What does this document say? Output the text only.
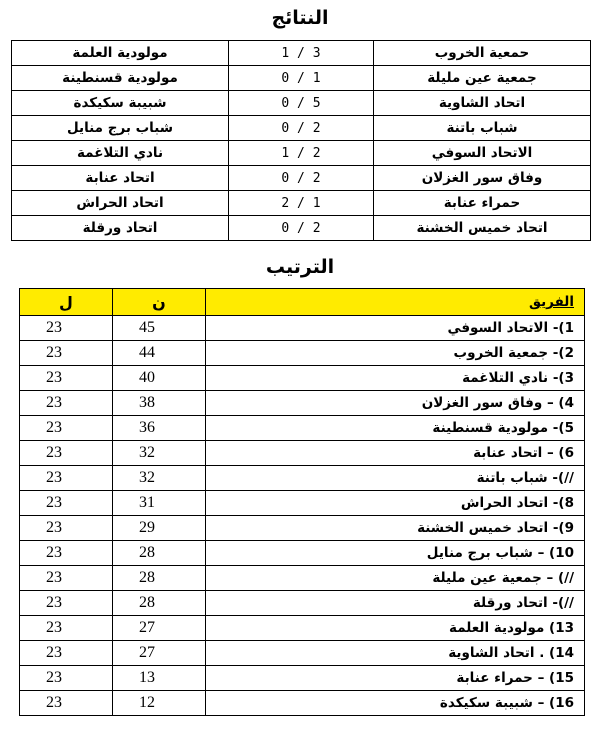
النتائج
مولودية العلمة	1 / 3	حمعية الخروب
مولودية قسنطينة	0 / 1	جمعية عين مليلة
شبيبة سكيكدة	0 / 5	اتحاد الشاوية
شباب برج منايل	0 / 2	شباب باتنة
نادي التلاغمة	1 / 2	الاتحاد السوفي
اتحاد عنابة	0 / 2	وفاق سور الغزلان
اتحاد الحراش	2 / 1	حمراء عنابة
اتحاد ورقلة	0 / 2	اتحاد خميس الخشنة
الترتيب
ل	ن	الفريق
23	45	1)- الاتحاد السوفي
23	44	2)- جمعية الخروب
23	40	3)- نادي التلاغمة
23	38	4) – وفاق سور الغزلان
23	36	5)- مولودية قسنطينة
23	32	6) – اتحاد عنابة
23	32	//)- شباب باتنة
23	31	8)- اتحاد الحراش
23	29	9)- اتحاد خميس الخشنة
23	28	10) – شباب برج منايل
23	28	//) – جمعية عين مليلة
23	28	//)- اتحاد ورقلة
23	27	13) مولودية العلمة
23	27	14) . اتحاد الشاوية
23	13	15) – حمراء عنابة
23	12	16) – شبيبة سكيكدة
